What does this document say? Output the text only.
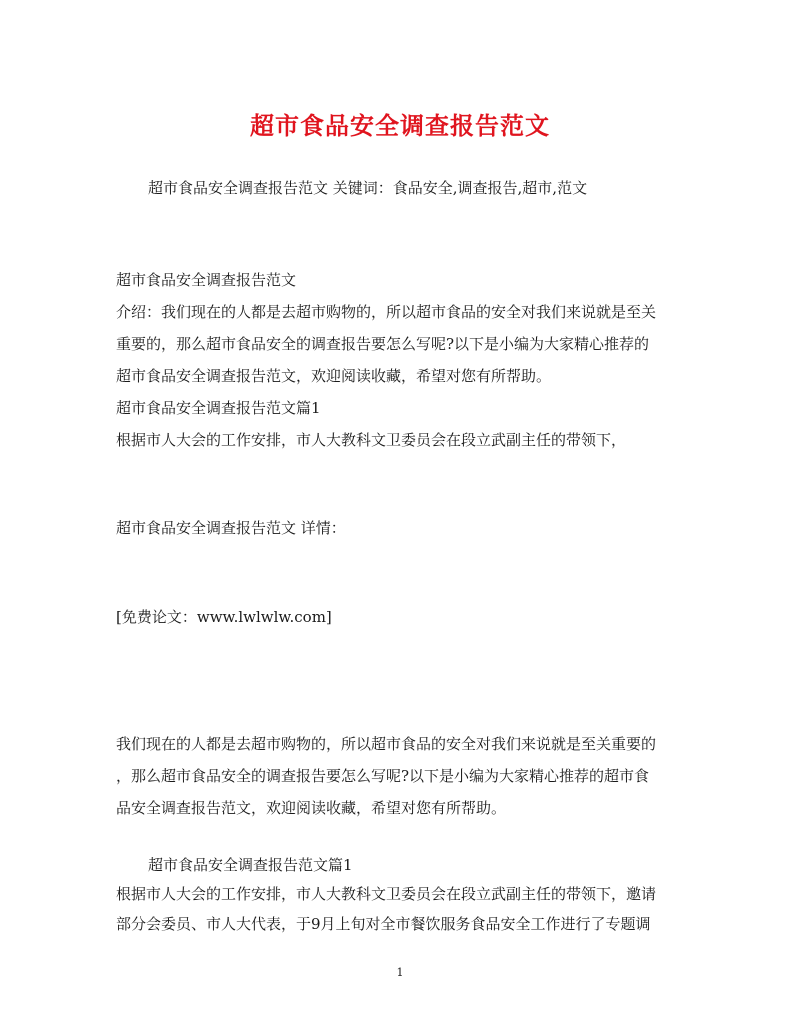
超市食品安全调查报告范文
超市食品安全调查报告范文 关键词：食品安全,调查报告,超市,范文
超市食品安全调查报告范文
介绍：我们现在的人都是去超市购物的，所以超市食品的安全对我们来说就是至关
重要的，那么超市食品安全的调查报告要怎么写呢?以下是小编为大家精心推荐的
超市食品安全调查报告范文，欢迎阅读收藏，希望对您有所帮助。
超市食品安全调查报告范文篇1
根据市人大会的工作安排，市人大教科文卫委员会在段立武副主任的带领下，
超市食品安全调查报告范文 详情：
[免费论文：www.lwlwlw.com]
我们现在的人都是去超市购物的，所以超市食品的安全对我们来说就是至关重要的
，那么超市食品安全的调查报告要怎么写呢?以下是小编为大家精心推荐的超市食
品安全调查报告范文，欢迎阅读收藏，希望对您有所帮助。
超市食品安全调查报告范文篇1
根据市人大会的工作安排，市人大教科文卫委员会在段立武副主任的带领下，邀请
部分会委员、市人大代表，于9月上旬对全市餐饮服务食品安全工作进行了专题调
1
